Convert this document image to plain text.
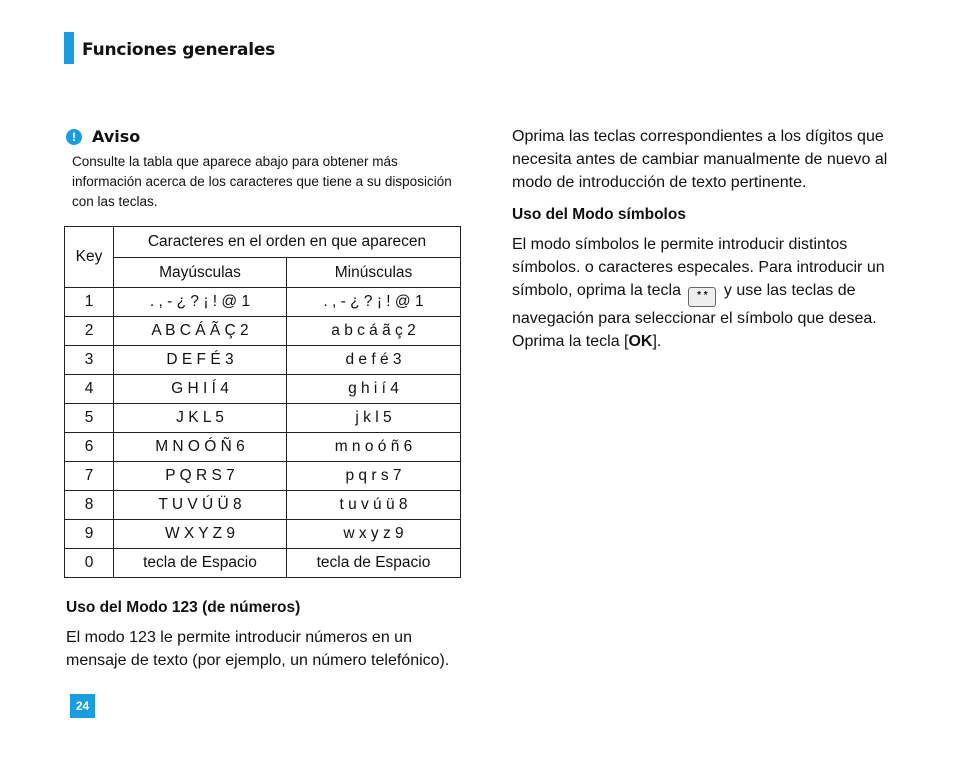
Funciones generales
!	Aviso
Consulte la tabla que aparece abajo para obtener más información acerca de los caracteres que tiene a su disposición con las teclas.
Key	Caracteres en el orden en que aparecen	
	Mayúsculas	Minúsculas
1	. , - ¿ ? ¡ ! @ 1	. , - ¿ ? ¡ ! @ 1
2	A B C Á Ã Ç 2	a b c á ã ç 2
3	D E F É 3	d e f é 3
4	G H I Í 4	g h i í 4
5	J K L 5	j k l 5
6	M N O Ó Ñ 6	m n o ó ñ 6
7	P Q R S 7	p q r s 7
8	T U V Ú Ü 8	t u v ú ü 8
9	W X Y Z 9	w x y z 9
0	tecla de Espacio	tecla de Espacio
Uso del Modo 123 (de números)
El modo 123 le permite introducir números en un mensaje de texto (por ejemplo, un número telefónico).
24
Oprima las teclas correspondientes a los dígitos que necesita antes de cambiar manualmente de nuevo al modo de introducción de texto pertinente.
Uso del Modo símbolos
El modo símbolos le permite introducir distintos símbolos. o caracteres especales. Para introducir un símbolo, oprima la tecla * * y use las teclas de navegación para seleccionar el símbolo que desea. Oprima la tecla [OK].
